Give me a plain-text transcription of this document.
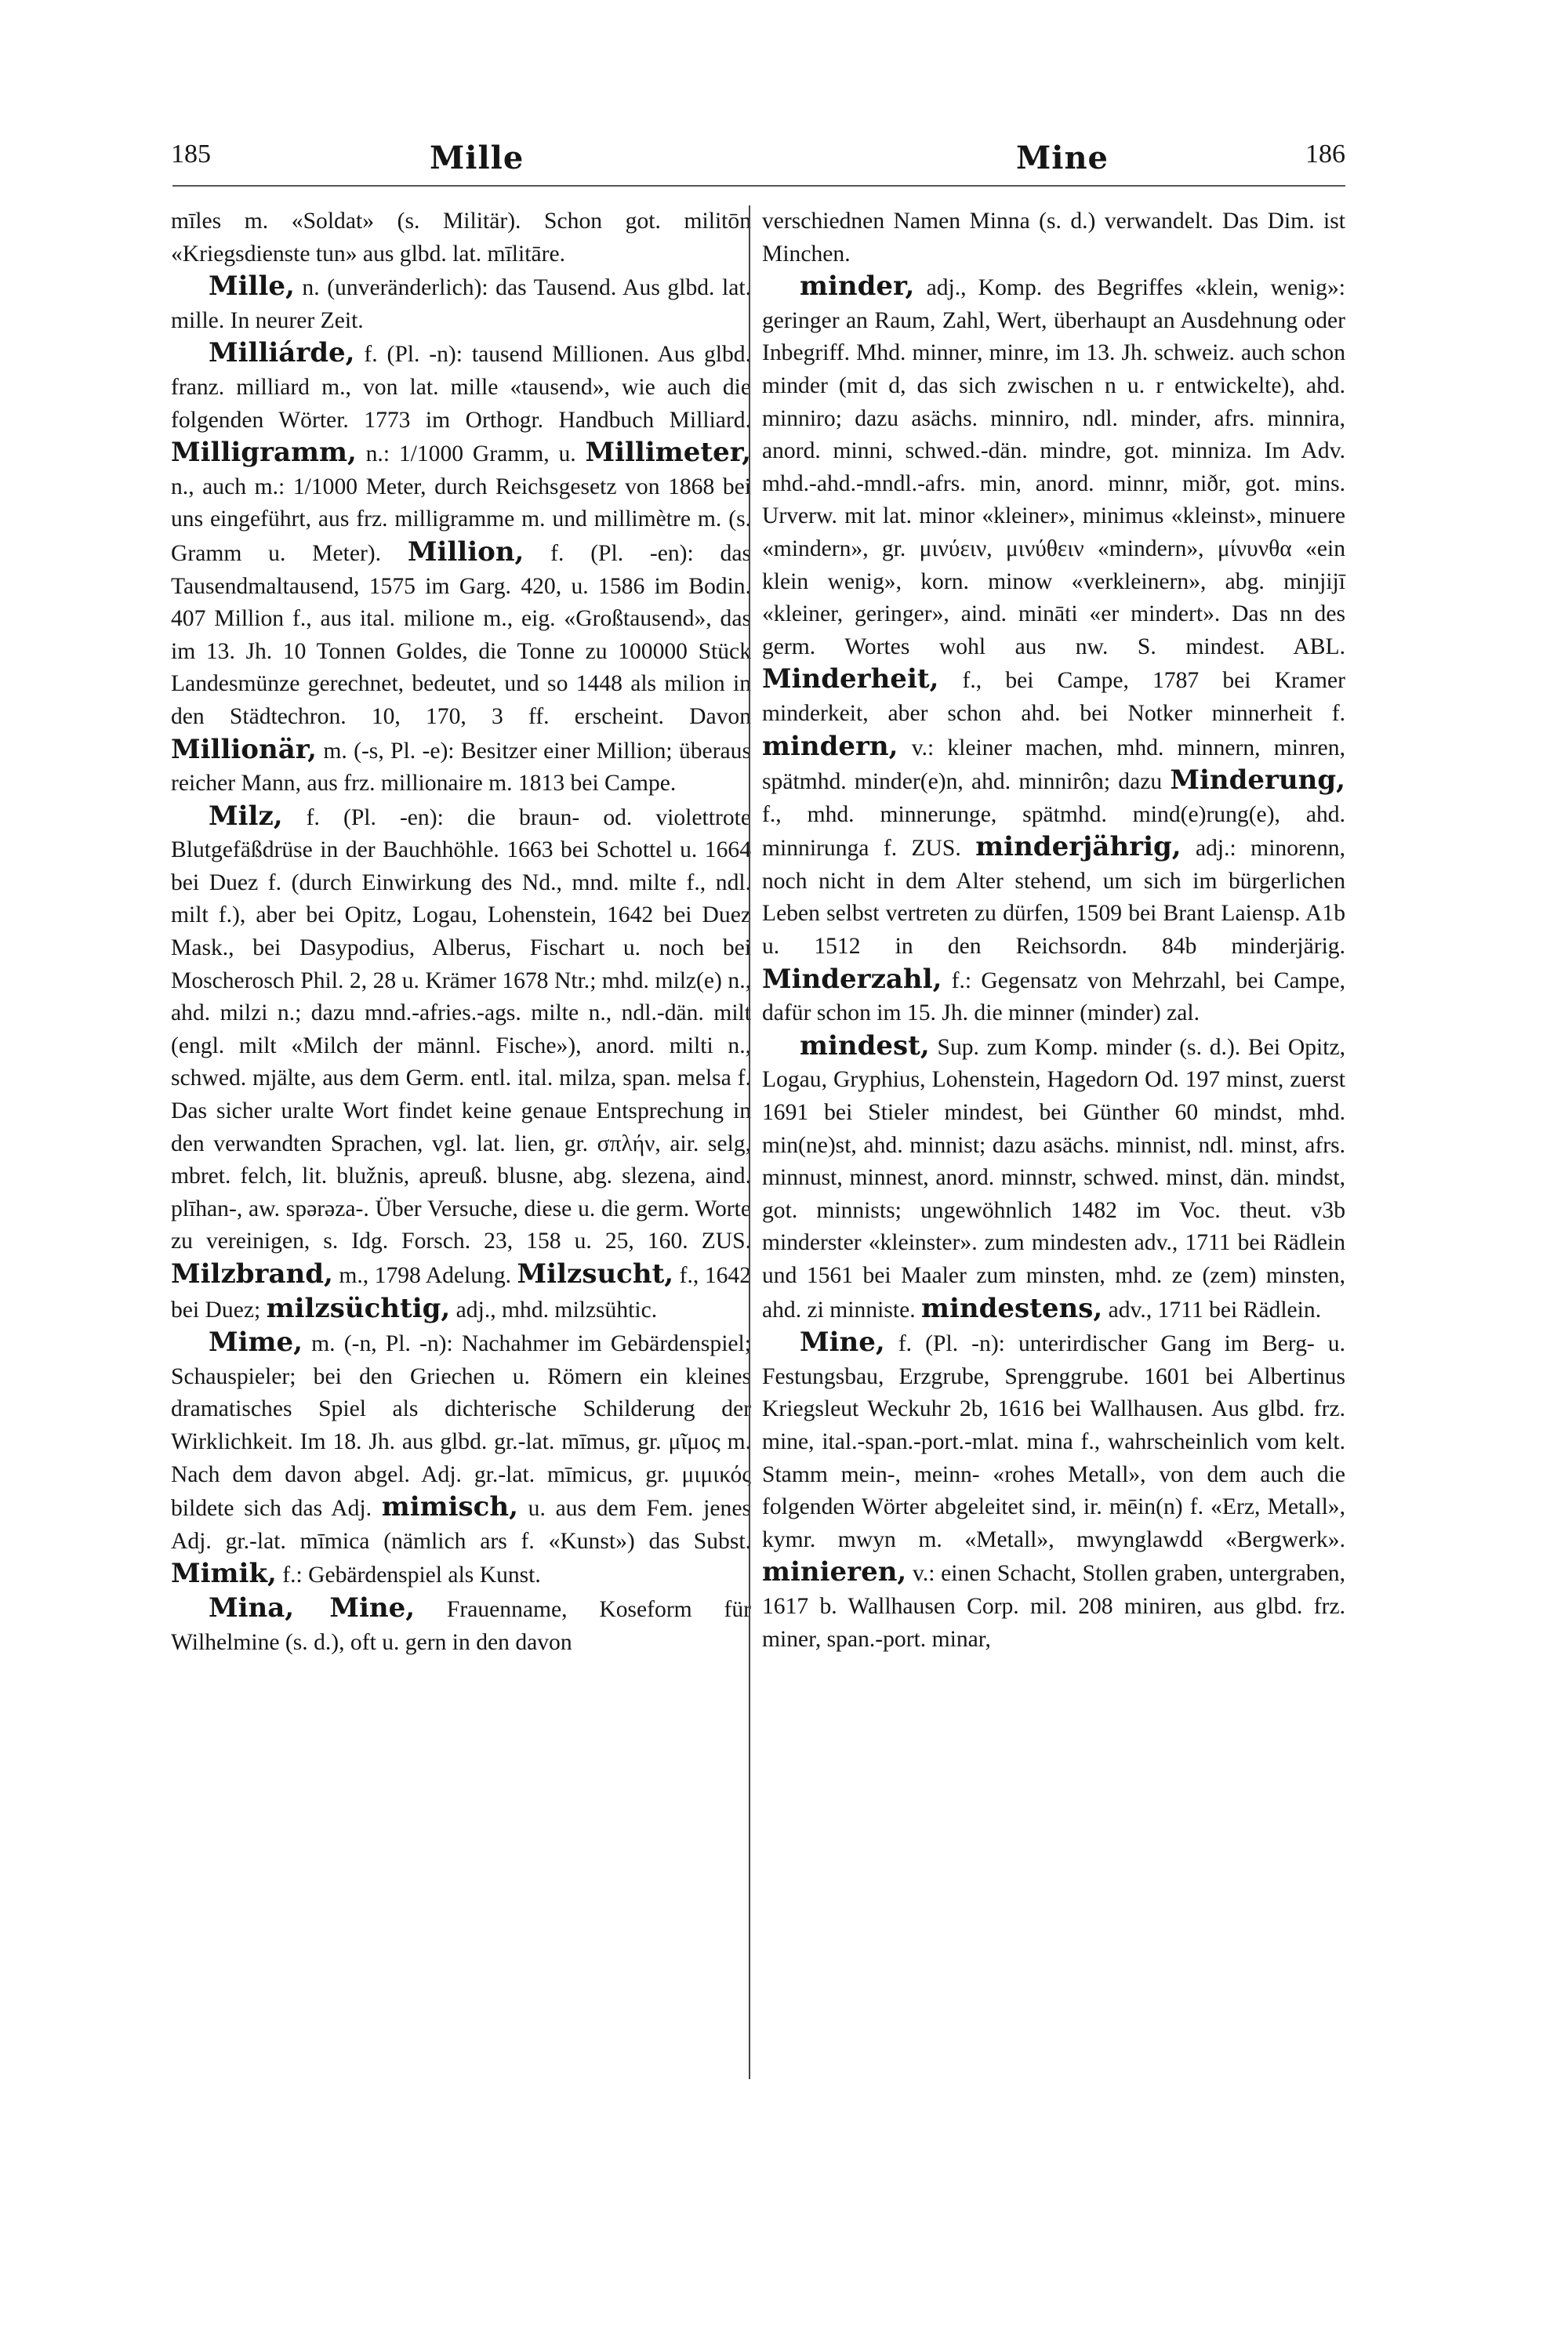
185	Mille	Mine	186

mīles m. «Soldat» (s. Militär). Schon got. militōn «Kriegsdienste tun» aus glbd. lat. mīlitāre.

Mille, n. (unveränderlich): das Tausend. Aus glbd. lat. mille. In neurer Zeit.

Milliárde, f. (Pl. -n): tausend Millionen. Aus glbd. franz. milliard m., von lat. mille «tausend», wie auch die folgenden Wörter. 1773 im Orthogr. Handbuch Milliard. Milligramm, n.: 1/1000 Gramm, u. Millimeter, n., auch m.: 1/1000 Meter, durch Reichsgesetz von 1868 bei uns eingeführt, aus frz. milligramme m. und millimètre m. (s. Gramm u. Meter). Million, f. (Pl. -en): das Tausendmaltausend, 1575 im Garg. 420, u. 1586 im Bodin. 407 Million f., aus ital. milione m., eig. «Großtausend», das im 13. Jh. 10 Tonnen Goldes, die Tonne zu 100000 Stück Landesmünze gerechnet, bedeutet, und so 1448 als milion in den Städtechron. 10, 170, 3 ff. erscheint. Davon Millionär, m. (-s, Pl. -e): Besitzer einer Million; überaus reicher Mann, aus frz. millionaire m. 1813 bei Campe.

Milz, f. (Pl. -en): die braun- od. violettrote Blutgefäßdrüse in der Bauchhöhle. 1663 bei Schottel u. 1664 bei Duez f. (durch Einwirkung des Nd., mnd. milte f., ndl. milt f.), aber bei Opitz, Logau, Lohenstein, 1642 bei Duez Mask., bei Dasypodius, Alberus, Fischart u. noch bei Moscherosch Phil. 2, 28 u. Krämer 1678 Ntr.; mhd. milz(e) n., ahd. milzi n.; dazu mnd.-afries.-ags. milte n., ndl.-dän. milt (engl. milt «Milch der männl. Fische»), anord. milti n., schwed. mjälte, aus dem Germ. entl. ital. milza, span. melsa f. Das sicher uralte Wort findet keine genaue Entsprechung in den verwandten Sprachen, vgl. lat. lien, gr. σπλήν, air. selg, mbret. felch, lit. blužnis, apreuß. blusne, abg. slezena, aind. plīhan-, aw. spərəza-. Über Versuche, diese u. die germ. Worte zu vereinigen, s. Idg. Forsch. 23, 158 u. 25, 160. ZUS. Milzbrand, m., 1798 Adelung. Milzsucht, f., 1642 bei Duez; milzsüchtig, adj., mhd. milzsühtic.

Mime, m. (-n, Pl. -n): Nachahmer im Gebärdenspiel; Schauspieler; bei den Griechen u. Römern ein kleines dramatisches Spiel als dichterische Schilderung der Wirklichkeit. Im 18. Jh. aus glbd. gr.-lat. mīmus, gr. μῖμος m. Nach dem davon abgel. Adj. gr.-lat. mīmicus, gr. μιμικός bildete sich das Adj. mimisch, u. aus dem Fem. jenes Adj. gr.-lat. mīmica (nämlich ars f. «Kunst») das Subst. Mimik, f.: Gebärdenspiel als Kunst.

Mina, Mine, Frauenname, Koseform für Wilhelmine (s. d.), oft u. gern in den davon

verschiednen Namen Minna (s. d.) verwandelt. Das Dim. ist Minchen.

minder, adj., Komp. des Begriffes «klein, wenig»: geringer an Raum, Zahl, Wert, überhaupt an Ausdehnung oder Inbegriff. Mhd. minner, minre, im 13. Jh. schweiz. auch schon minder (mit d, das sich zwischen n u. r entwickelte), ahd. minniro; dazu asächs. minniro, ndl. minder, afrs. minnira, anord. minni, schwed.-dän. mindre, got. minniza. Im Adv. mhd.-ahd.-mndl.-afrs. min, anord. minnr, miðr, got. mins. Urverw. mit lat. minor «kleiner», minimus «kleinst», minuere «mindern», gr. μινύειν, μινύθειν «mindern», μίνυνθα «ein klein wenig», korn. minow «verkleinern», abg. minjijī «kleiner, geringer», aind. mināti «er mindert». Das nn des germ. Wortes wohl aus nw. S. mindest. ABL. Minderheit, f., bei Campe, 1787 bei Kramer minderkeit, aber schon ahd. bei Notker minnerheit f. mindern, v.: kleiner machen, mhd. minnern, minren, spätmhd. minder(e)n, ahd. minnirôn; dazu Minderung, f., mhd. minnerunge, spätmhd. mind(e)rung(e), ahd. minnirunga f. ZUS. minderjährig, adj.: minorenn, noch nicht in dem Alter stehend, um sich im bürgerlichen Leben selbst vertreten zu dürfen, 1509 bei Brant Laiensp. A1b u. 1512 in den Reichsordn. 84b minderjärig. Minderzahl, f.: Gegensatz von Mehrzahl, bei Campe, dafür schon im 15. Jh. die minner (minder) zal.

mindest, Sup. zum Komp. minder (s. d.). Bei Opitz, Logau, Gryphius, Lohenstein, Hagedorn Od. 197 minst, zuerst 1691 bei Stieler mindest, bei Günther 60 mindst, mhd. min(ne)st, ahd. minnist; dazu asächs. minnist, ndl. minst, afrs. minnust, minnest, anord. minnstr, schwed. minst, dän. mindst, got. minnists; ungewöhnlich 1482 im Voc. theut. v3b minderster «kleinster». zum mindesten adv., 1711 bei Rädlein und 1561 bei Maaler zum minsten, mhd. ze (zem) minsten, ahd. zi minniste. mindestens, adv., 1711 bei Rädlein.

Mine, f. (Pl. -n): unterirdischer Gang im Berg- u. Festungsbau, Erzgrube, Sprenggrube. 1601 bei Albertinus Kriegsleut Weckuhr 2b, 1616 bei Wallhausen. Aus glbd. frz. mine, ital.-span.-port.-mlat. mina f., wahrscheinlich vom kelt. Stamm mein-, meinn- «rohes Metall», von dem auch die folgenden Wörter abgeleitet sind, ir. mēin(n) f. «Erz, Metall», kymr. mwyn m. «Metall», mwynglawdd «Bergwerk». minieren, v.: einen Schacht, Stollen graben, untergraben, 1617 b. Wallhausen Corp. mil. 208 miniren, aus glbd. frz. miner, span.-port. minar,
